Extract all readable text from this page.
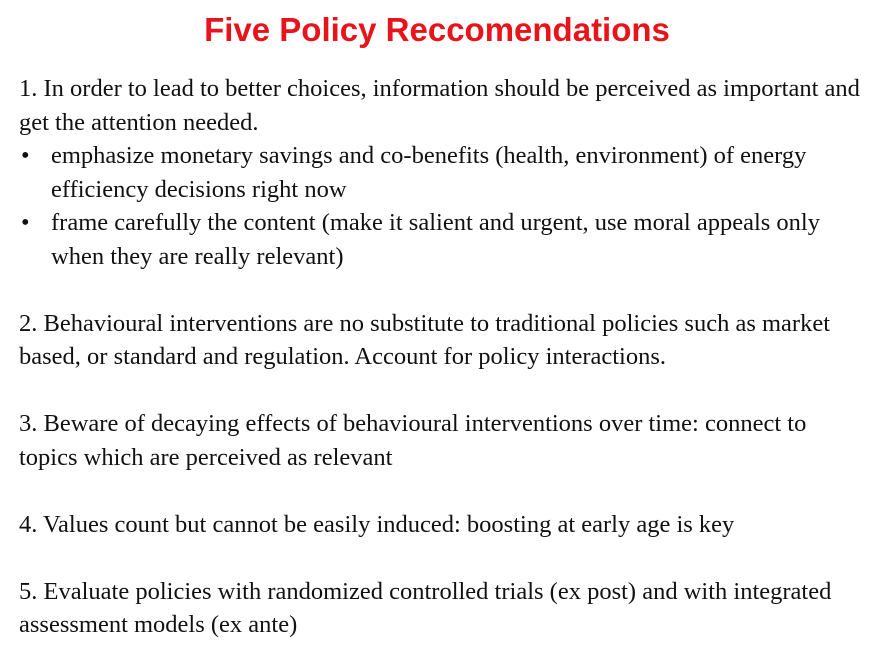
Five Policy Reccomendations

1. In order to lead to better choices, information should be perceived as important and get the attention needed.

• emphasize monetary savings and co-benefits (health, environment) of energy efficiency decisions right now
• frame carefully the content (make it salient and urgent, use moral appeals only when they are really relevant)

2. Behavioural interventions are no substitute to traditional policies such as market based, or standard and regulation. Account for policy interactions.

3. Beware of decaying effects of behavioural interventions over time: connect to topics which are perceived as relevant

4. Values count but cannot be easily induced: boosting at early age is key

5. Evaluate policies with randomized controlled trials (ex post) and with integrated assessment models (ex ante)
